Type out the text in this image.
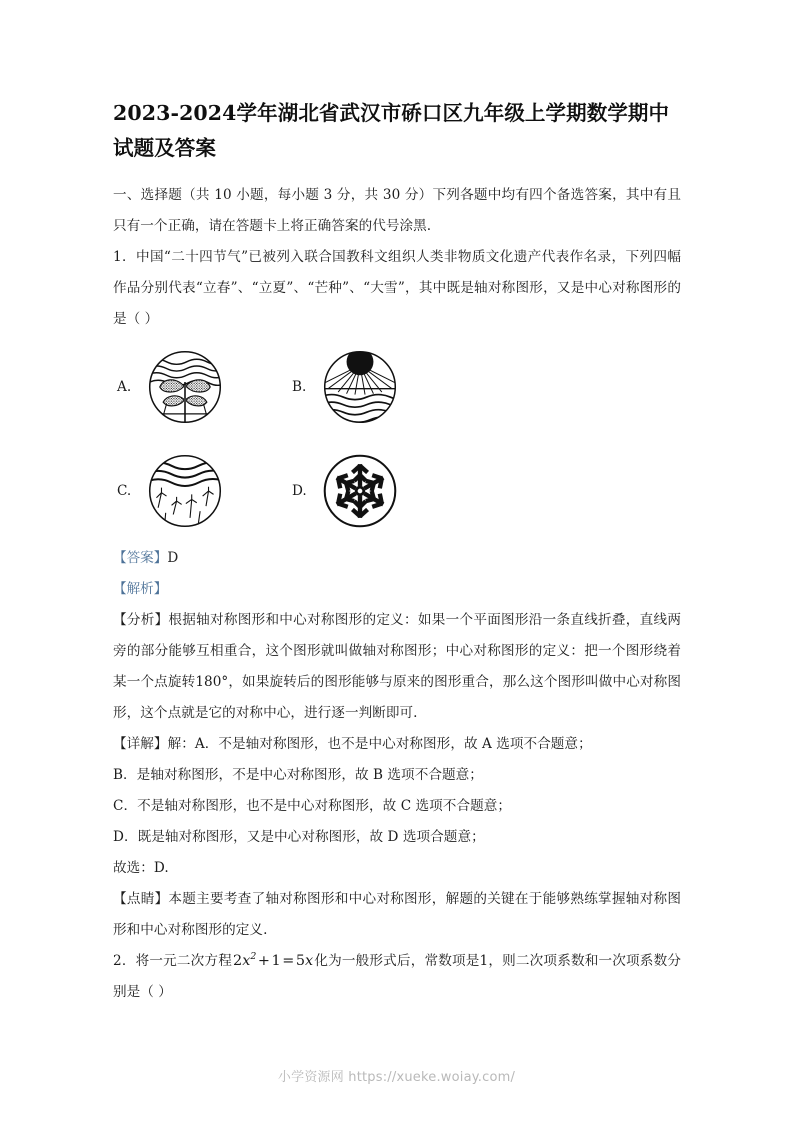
2023-2024学年湖北省武汉市硚口区九年级上学期数学期中试题及答案

一、选择题（共 10 小题，每小题 3 分，共 30 分）下列各题中均有四个备选答案，其中有且只有一个正确，请在答题卡上将正确答案的代号涂黑.

1．中国“二十四节气”已被列入联合国教科文组织人类非物质文化遗产代表作名录，下列四幅作品分别代表“立春”、“立夏”、“芒种”、“大雪”，其中既是轴对称图形，又是中心对称图形的是（ ）

A.	B.
C.	D.

【答案】D

【解析】

【分析】根据轴对称图形和中心对称图形的定义：如果一个平面图形沿一条直线折叠，直线两旁的部分能够互相重合，这个图形就叫做轴对称图形；中心对称图形的定义：把一个图形绕着某一个点旋转180°，如果旋转后的图形能够与原来的图形重合，那么这个图形叫做中心对称图形，这个点就是它的对称中心，进行逐一判断即可.

【详解】解：A．不是轴对称图形，也不是中心对称图形，故 A 选项不合题意；

B．是轴对称图形，不是中心对称图形，故 B 选项不合题意；

C．不是轴对称图形，也不是中心对称图形，故 C 选项不合题意；

D．既是轴对称图形，又是中心对称图形，故 D 选项合题意；

故选：D.

【点睛】本题主要考查了轴对称图形和中心对称图形，解题的关键在于能够熟练掌握轴对称图形和中心对称图形的定义.

2．将一元二次方程$2x^2 + 1 = 5x$化为一般形式后，常数项是1，则二次项系数和一次项系数分别是（ ）

小学资源网 https://xueke.woiay.com/
